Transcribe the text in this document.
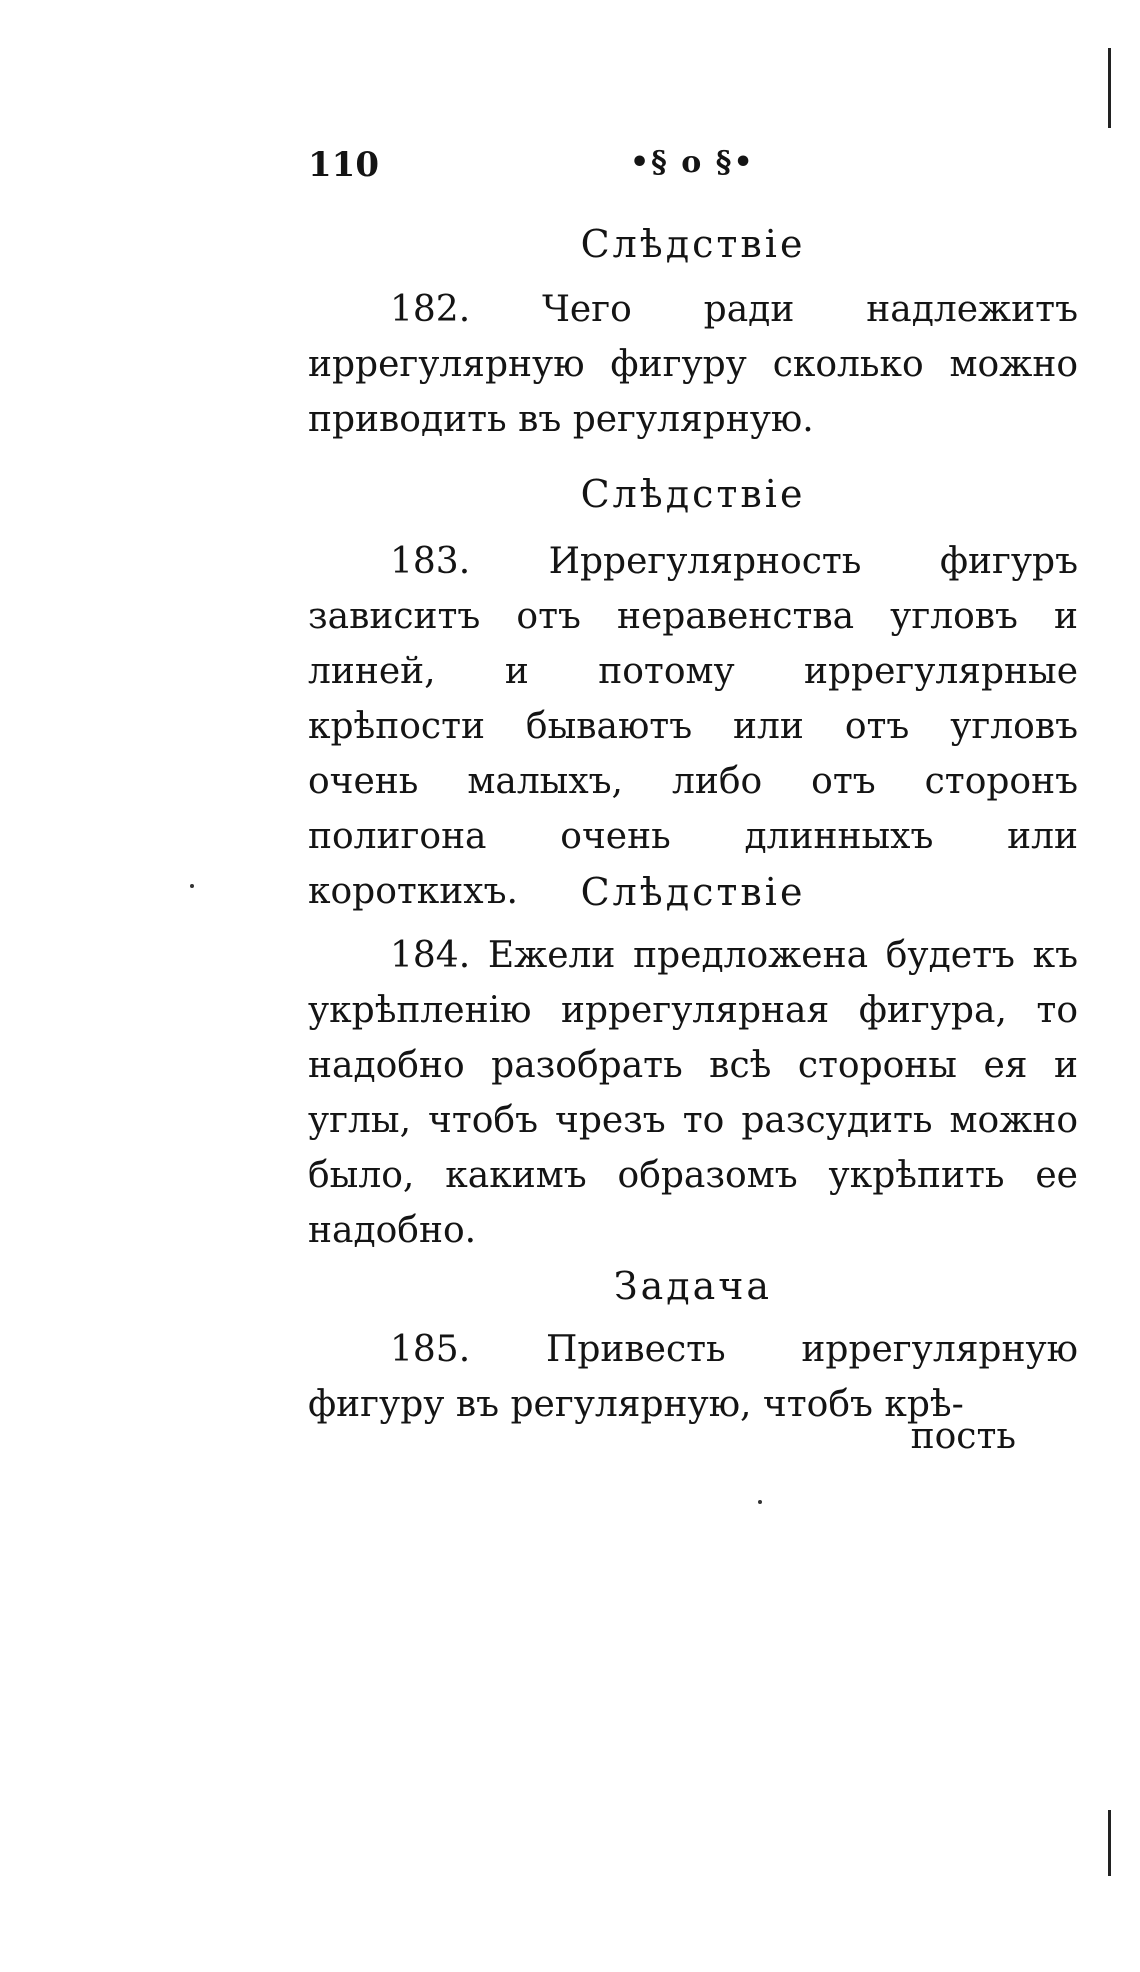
110	•§ o §•
Слѣдствіе

182. Чего ради надлежитъ иррегулярную фигуру сколько можно приводить въ регулярную.

Слѣдствіе

183. Иррегулярность фигуръ зависитъ отъ неравенства угловъ и линей, и потому иррегулярные крѣпости бываютъ или отъ угловъ очень малыхъ, либо отъ сторонъ полигона очень длинныхъ или короткихъ.	Слѣдствіе

184. Ежели предложена будетъ къ укрѣпленію иррегулярная фигура, то надобно разобрать всѣ стороны ея и углы, чтобъ чрезъ то разсудить можно было, какимъ образомъ укрѣпить ее надобно.

Задача

185. Привесть иррегулярную фигуру въ регулярную, чтобъ крѣ-

пость
